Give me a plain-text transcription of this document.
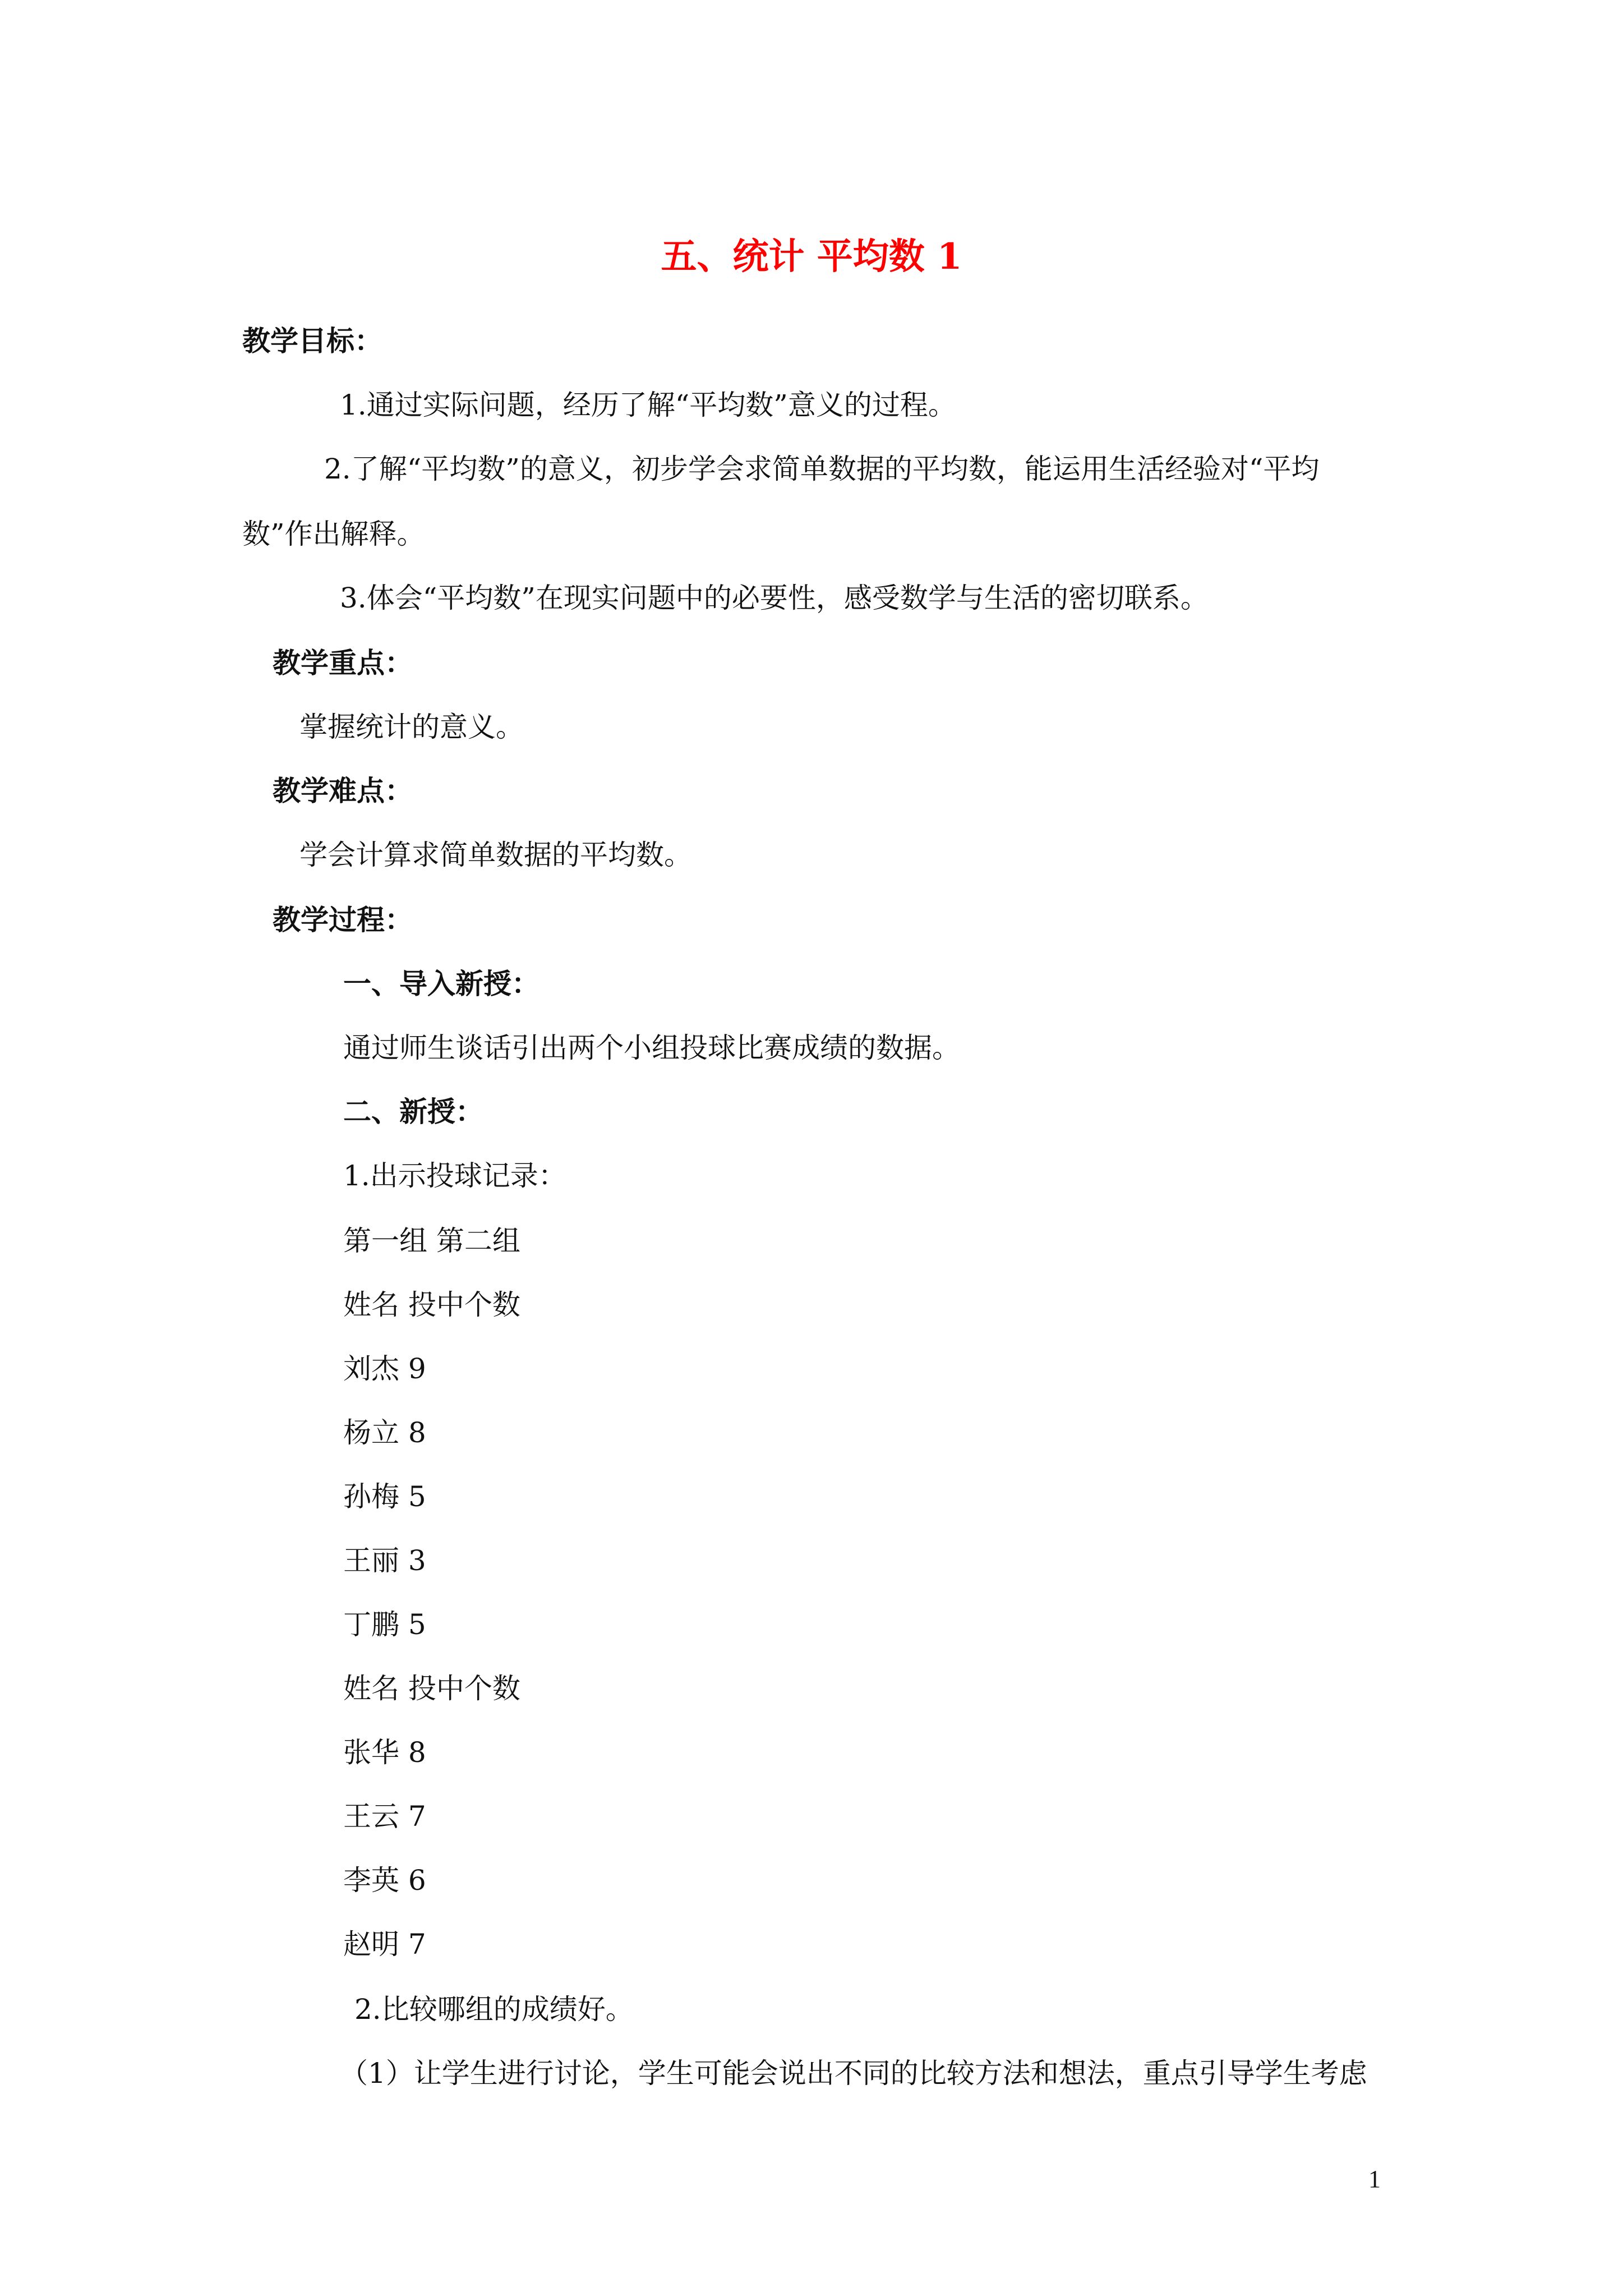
五、统计 平均数 1
教学目标：
1.通过实际问题，经历了解“平均数”意义的过程。
2.了解“平均数”的意义，初步学会求简单数据的平均数，能运用生活经验对“平均
数”作出解释。
3.体会“平均数”在现实问题中的必要性，感受数学与生活的密切联系。
教学重点：
掌握统计的意义。
教学难点：
学会计算求简单数据的平均数。
教学过程：
一、导入新授：
通过师生谈话引出两个小组投球比赛成绩的数据。
二、新授：
1.出示投球记录：
第一组 第二组
姓名 投中个数
刘杰 9
杨立 8
孙梅 5
王丽 3
丁鹏 5
姓名 投中个数
张华 8
王云 7
李英 6
赵明 7
2.比较哪组的成绩好。
（1）让学生进行讨论，学生可能会说出不同的比较方法和想法，重点引导学生考虑
1
